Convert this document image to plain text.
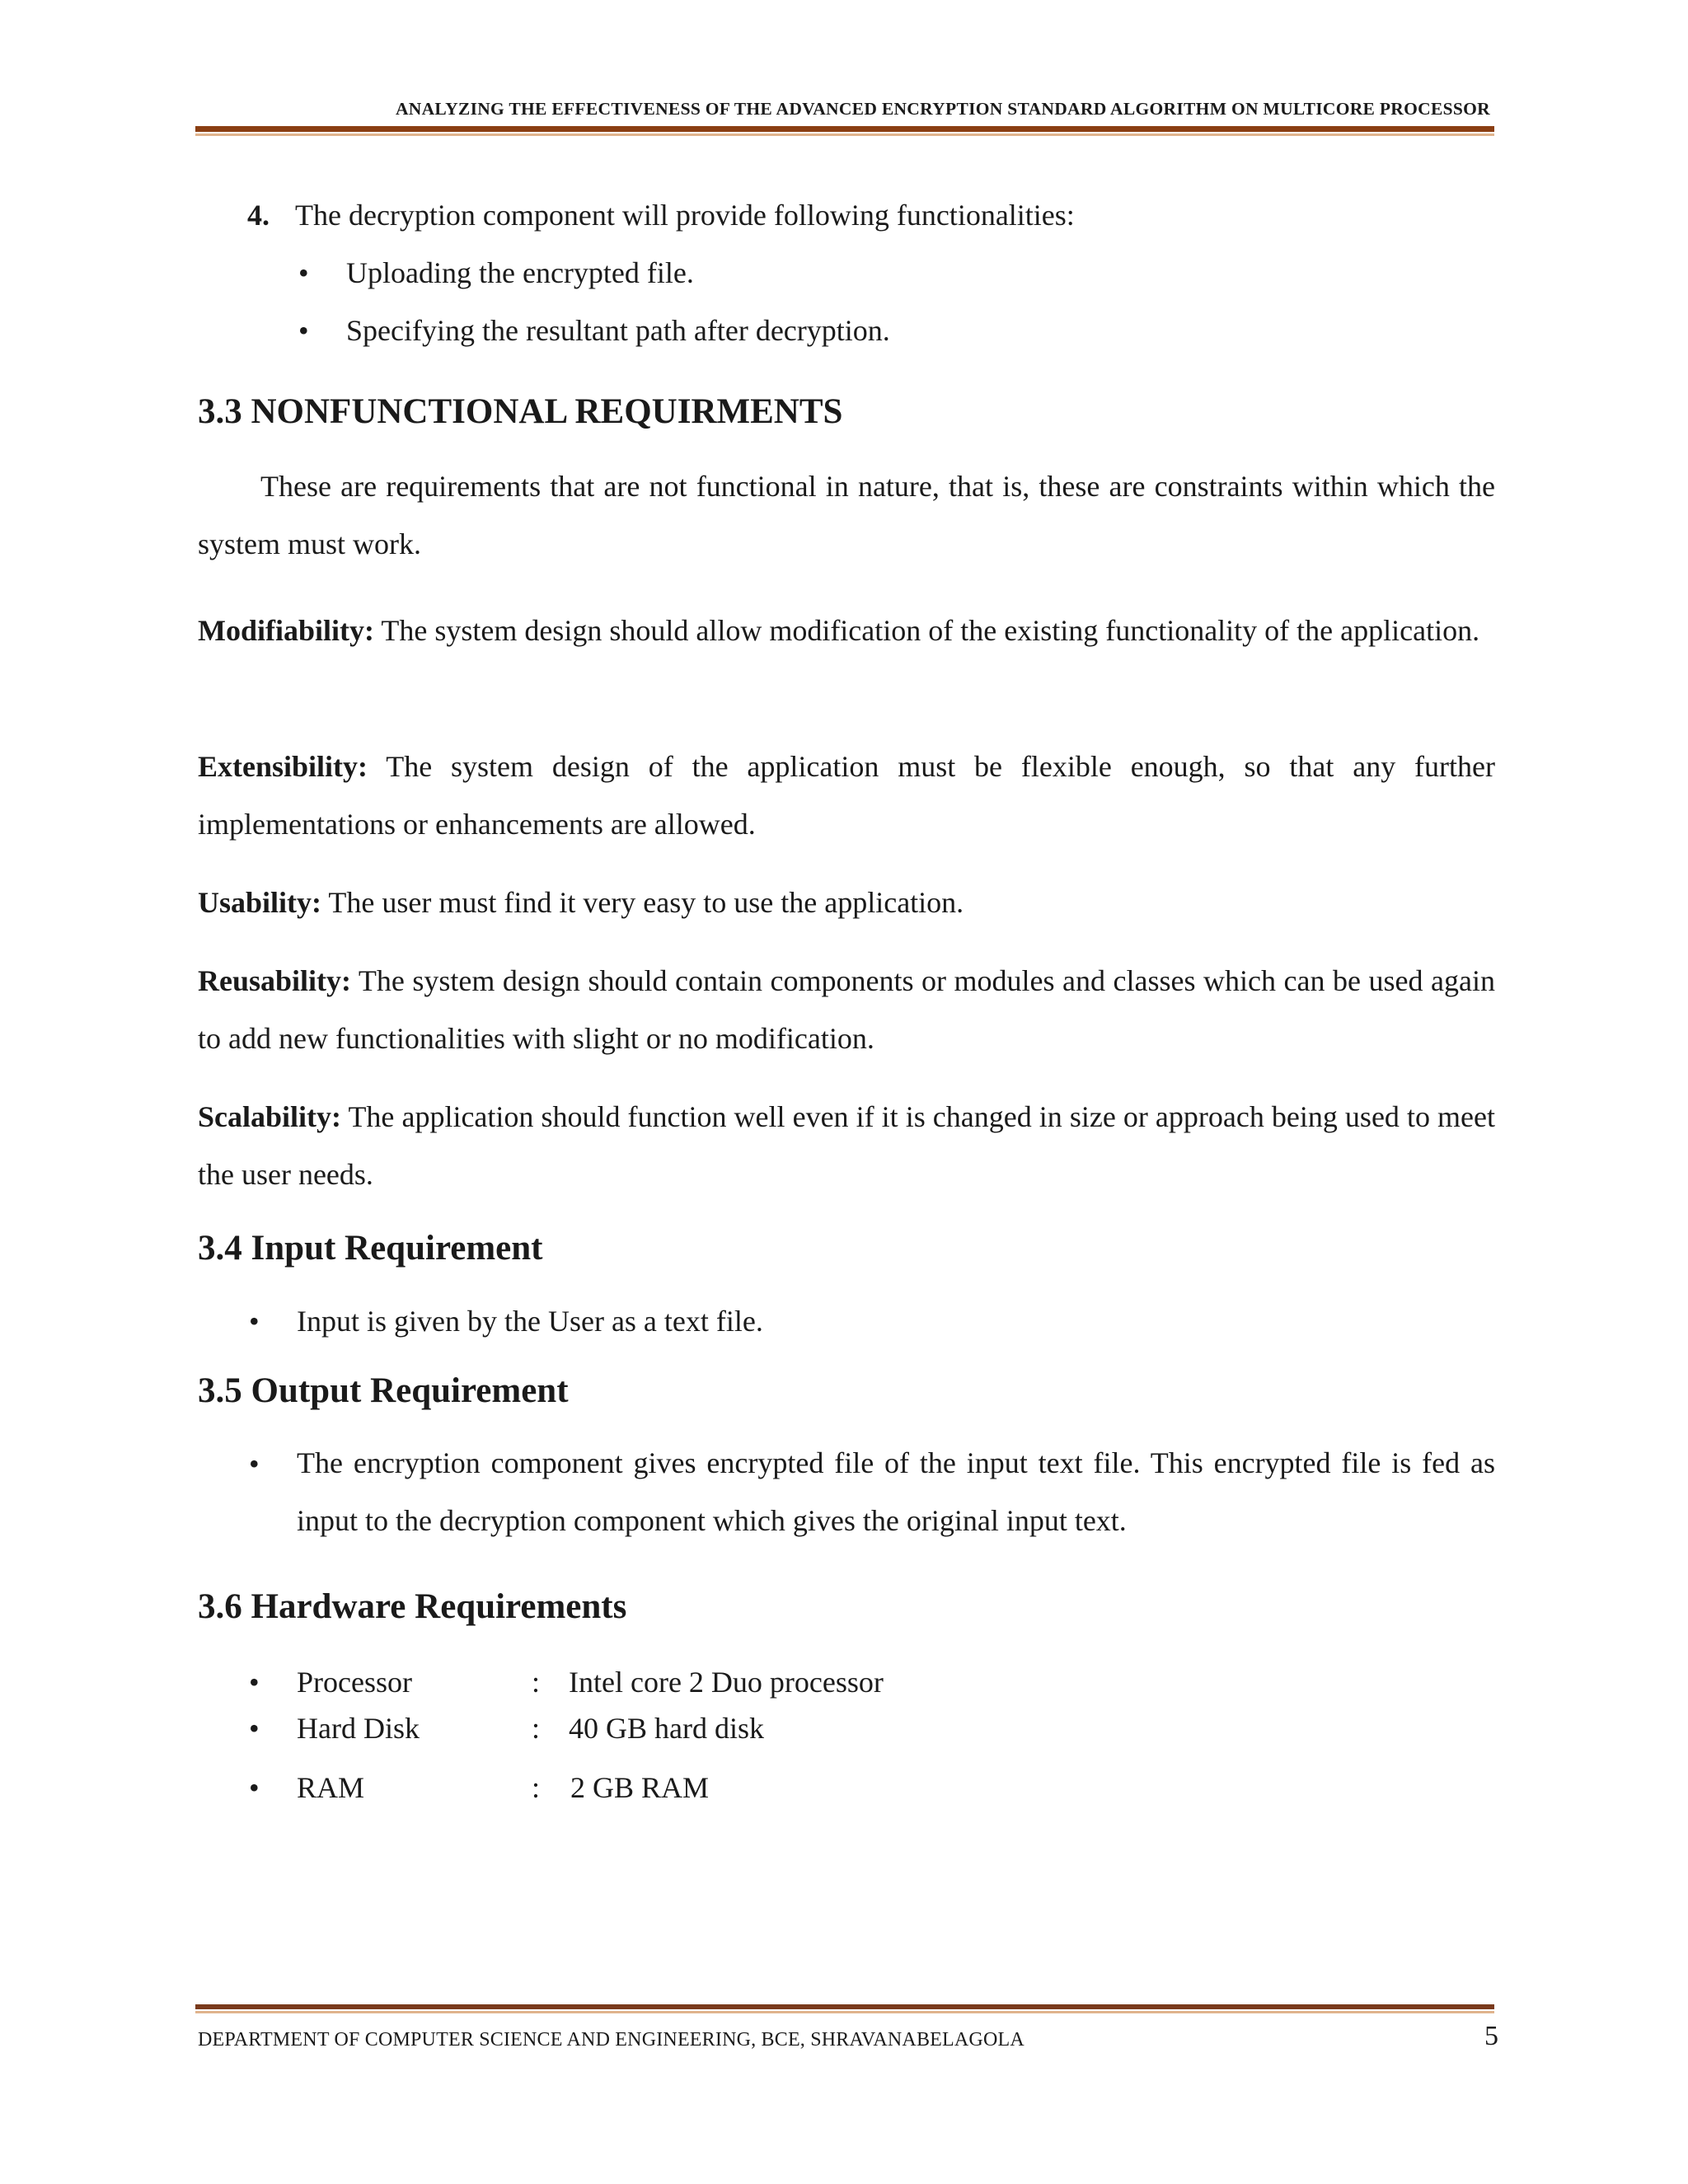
ANALYZING THE EFFECTIVENESS OF THE ADVANCED ENCRYPTION STANDARD ALGORITHM ON MULTICORE PROCESSOR
4. The decryption component will provide following functionalities:
• Uploading the encrypted file.
• Specifying the resultant path after decryption.
3.3 NONFUNCTIONAL REQUIRMENTS
These are requirements that are not functional in nature, that is, these are constraints within which the system must work.
Modifiability: The system design should allow modification of the existing functionality of the application.
Extensibility: The system design of the application must be flexible enough, so that any further implementations or enhancements are allowed.
Usability: The user must find it very easy to use the application.
Reusability: The system design should contain components or modules and classes which can be used again to add new functionalities with slight or no modification.
Scalability: The application should function well even if it is changed in size or approach being used to meet the user needs.
3.4 Input Requirement
• Input is given by the User as a text file.
3.5 Output Requirement
• The encryption component gives encrypted file of the input text file. This encrypted file is fed as input to the decryption component which gives the original input text.
3.6 Hardware Requirements
• Processor	: Intel core 2 Duo processor
• Hard Disk	: 40 GB hard disk
• RAM	: 2 GB RAM
DEPARTMENT OF COMPUTER SCIENCE AND ENGINEERING, BCE, SHRAVANABELAGOLA	5
